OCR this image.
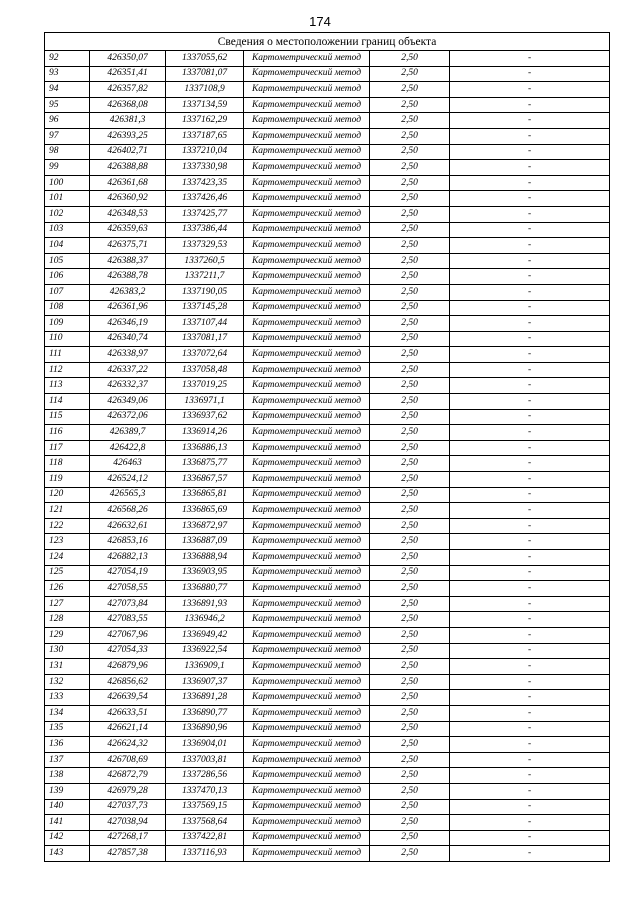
174
Сведения о местоположении границ объекта					
92	426350,07	1337055,62	Картометрический метод	2,50	-
93	426351,41	1337081,07	Картометрический метод	2,50	-
94	426357,82	1337108,9	Картометрический метод	2,50	-
95	426368,08	1337134,59	Картометрический метод	2,50	-
96	426381,3	1337162,29	Картометрический метод	2,50	-
97	426393,25	1337187,65	Картометрический метод	2,50	-
98	426402,71	1337210,04	Картометрический метод	2,50	-
99	426388,88	1337330,98	Картометрический метод	2,50	-
100	426361,68	1337423,35	Картометрический метод	2,50	-
101	426360,92	1337426,46	Картометрический метод	2,50	-
102	426348,53	1337425,77	Картометрический метод	2,50	-
103	426359,63	1337386,44	Картометрический метод	2,50	-
104	426375,71	1337329,53	Картометрический метод	2,50	-
105	426388,37	1337260,5	Картометрический метод	2,50	-
106	426388,78	1337211,7	Картометрический метод	2,50	-
107	426383,2	1337190,05	Картометрический метод	2,50	-
108	426361,96	1337145,28	Картометрический метод	2,50	-
109	426346,19	1337107,44	Картометрический метод	2,50	-
110	426340,74	1337081,17	Картометрический метод	2,50	-
111	426338,97	1337072,64	Картометрический метод	2,50	-
112	426337,22	1337058,48	Картометрический метод	2,50	-
113	426332,37	1337019,25	Картометрический метод	2,50	-
114	426349,06	1336971,1	Картометрический метод	2,50	-
115	426372,06	1336937,62	Картометрический метод	2,50	-
116	426389,7	1336914,26	Картометрический метод	2,50	-
117	426422,8	1336886,13	Картометрический метод	2,50	-
118	426463	1336875,77	Картометрический метод	2,50	-
119	426524,12	1336867,57	Картометрический метод	2,50	-
120	426565,3	1336865,81	Картометрический метод	2,50	-
121	426568,26	1336865,69	Картометрический метод	2,50	-
122	426632,61	1336872,97	Картометрический метод	2,50	-
123	426853,16	1336887,09	Картометрический метод	2,50	-
124	426882,13	1336888,94	Картометрический метод	2,50	-
125	427054,19	1336903,95	Картометрический метод	2,50	-
126	427058,55	1336880,77	Картометрический метод	2,50	-
127	427073,84	1336891,93	Картометрический метод	2,50	-
128	427083,55	1336946,2	Картометрический метод	2,50	-
129	427067,96	1336949,42	Картометрический метод	2,50	-
130	427054,33	1336922,54	Картометрический метод	2,50	-
131	426879,96	1336909,1	Картометрический метод	2,50	-
132	426856,62	1336907,37	Картометрический метод	2,50	-
133	426639,54	1336891,28	Картометрический метод	2,50	-
134	426633,51	1336890,77	Картометрический метод	2,50	-
135	426621,14	1336890,96	Картометрический метод	2,50	-
136	426624,32	1336904,01	Картометрический метод	2,50	-
137	426708,69	1337003,81	Картометрический метод	2,50	-
138	426872,79	1337286,56	Картометрический метод	2,50	-
139	426979,28	1337470,13	Картометрический метод	2,50	-
140	427037,73	1337569,15	Картометрический метод	2,50	-
141	427038,94	1337568,64	Картометрический метод	2,50	-
142	427268,17	1337422,81	Картометрический метод	2,50	-
143	427857,38	1337116,93	Картометрический метод	2,50	-
